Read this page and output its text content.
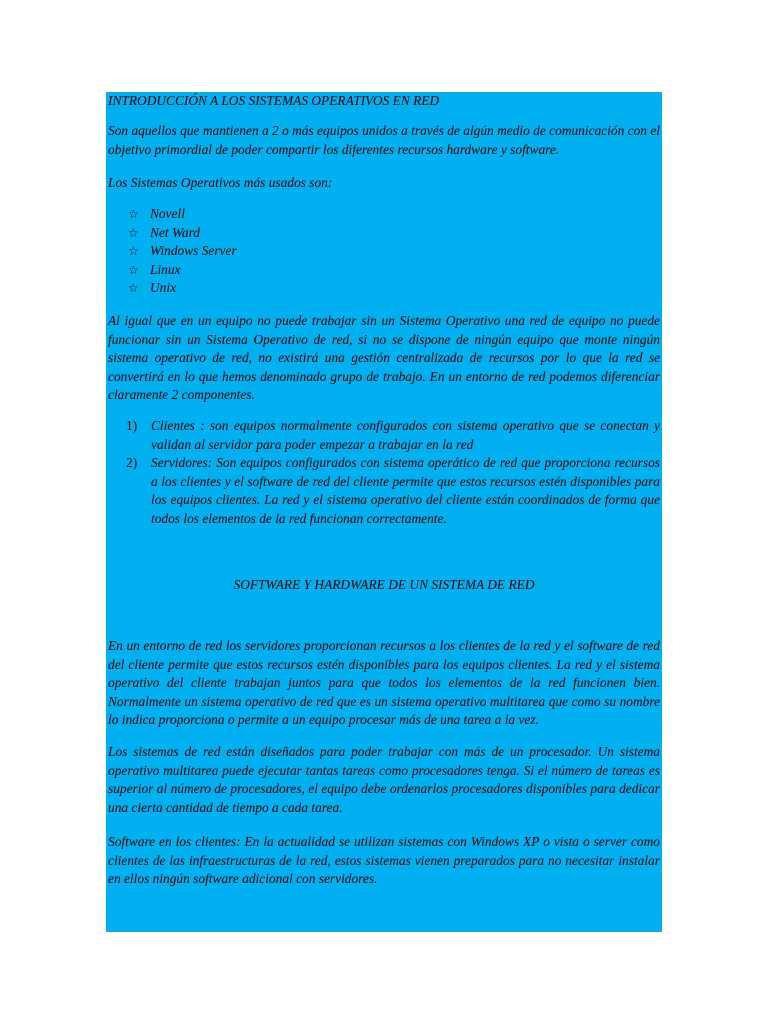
INTRODUCCIÓN A LOS SISTEMAS OPERATIVOS EN RED

Son aquellos que mantienen a 2 o más equipos unidos a través de algún medio de comunicación con el objetivo primordial de poder compartir los diferentes recursos hardware y software.

Los Sistemas Operativos más usados son:

☆ Novell
☆ Net Ward
☆ Windows Server
☆ Linux
☆ Unix

Al igual que en un equipo no puede trabajar sin un Sistema Operativo una red de equipo no puede funcionar sin un Sistema Operativo de red, si no se dispone de ningún equipo que monte ningún sistema operativo de red, no existirá una gestión centralizada de recursos por lo que la red se convertirá en lo que hemos denominado grupo de trabajo. En un entorno de red podemos diferenciar claramente 2 componentes.

1)	Clientes : son equipos normalmente configurados con sistema operativo que se conectan y validan al servidor para poder empezar a trabajar en la red
2)	Servidores: Son equipos configurados con sistema operático de red que proporciona recursos a los clientes y el software de red del cliente permite que estos recursos estén disponibles para los equipos clientes. La red y el sistema operativo del cliente están coordinados de forma que todos los elementos de la red funcionan correctamente.

SOFTWARE Y HARDWARE DE UN SISTEMA DE RED

En un entorno de red los servidores proporcionan recursos a los clientes de la red y el software de red del cliente permite que estos recursos estén disponibles para los equipos clientes. La red y el sistema operativo del cliente trabajan juntos para que todos los elementos de la red funcionen bien. Normalmente un sistema operativo de red que es un sistema operativo multitarea que como su nombre lo indica proporciona o permite a un equipo procesar más de una tarea a la vez.

Los sistemas de red están diseñados para poder trabajar con más de un procesador. Un sistema operativo multitarea puede ejecutar tantas tareas como procesadores tenga. Si el número de tareas es superior al número de procesadores, el equipo debe ordenarlos procesadores disponibles para dedicar una cierta cantidad de tiempo a cada tarea.

Software en los clientes: En la actualidad se utilizan sistemas con Windows XP o vista o server como clientes de las infraestructuras de la red, estos sistemas vienen preparados para no necesitar instalar en ellos ningún software adicional con servidores.
